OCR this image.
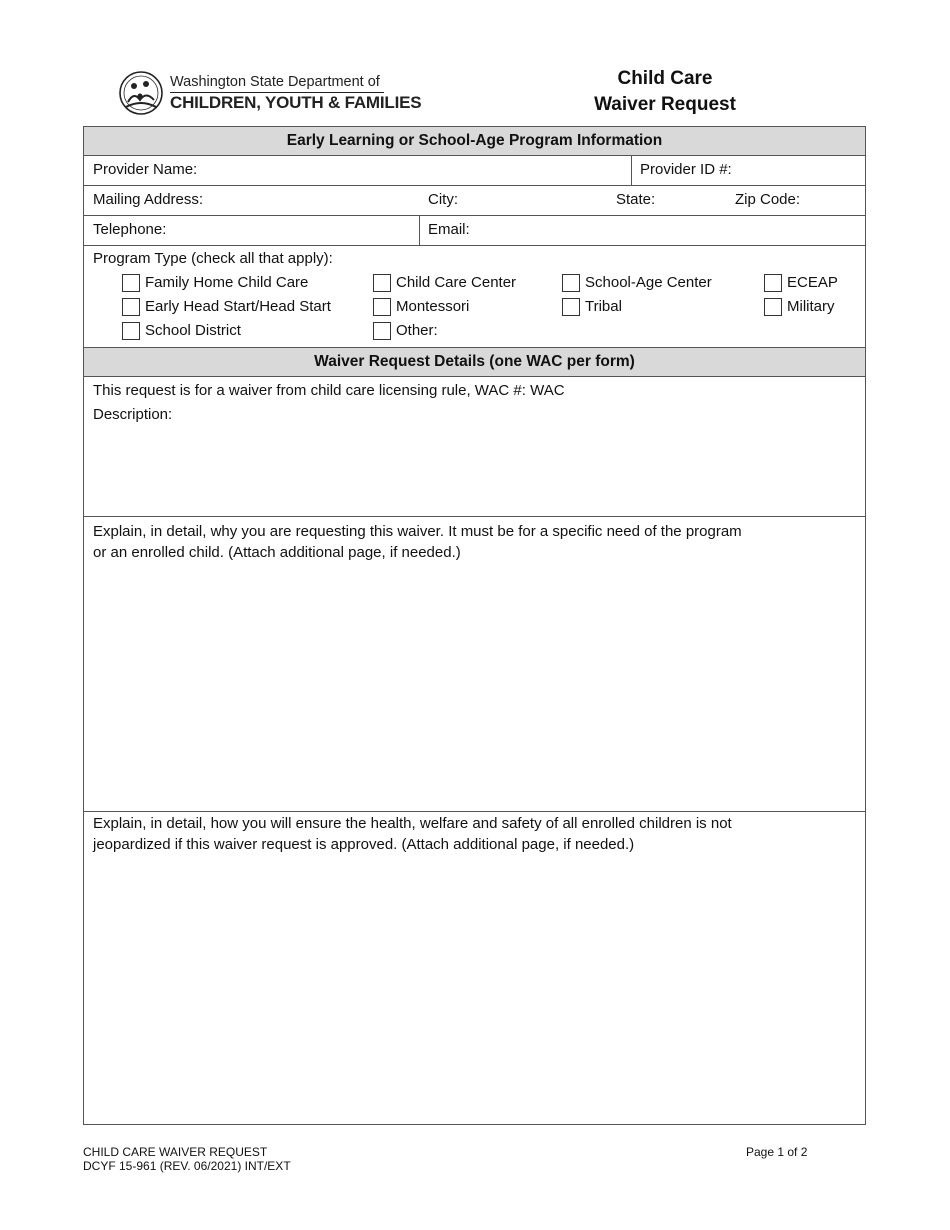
Washington State Department of
CHILDREN, YOUTH & FAMILIES
Child Care
Waiver Request
Early Learning or School-Age Program Information
Provider Name:	Provider ID #:
Mailing Address:	City:	State:	Zip Code:
Telephone:	Email:
Program Type (check all that apply):
Family Home Child Care	Child Care Center	School-Age Center	ECEAP
Early Head Start/Head Start	Montessori	Tribal	Military
School District	Other:
Waiver Request Details (one WAC per form)
This request is for a waiver from child care licensing rule, WAC #: WAC
Description:
Explain, in detail, why you are requesting this waiver. It must be for a specific need of the program
or an enrolled child. (Attach additional page, if needed.)
Explain, in detail, how you will ensure the health, welfare and safety of all enrolled children is not
jeopardized if this waiver request is approved. (Attach additional page, if needed.)
CHILD CARE WAIVER REQUEST
DCYF 15-961 (REV. 06/2021) INT/EXT
Page 1 of 2
